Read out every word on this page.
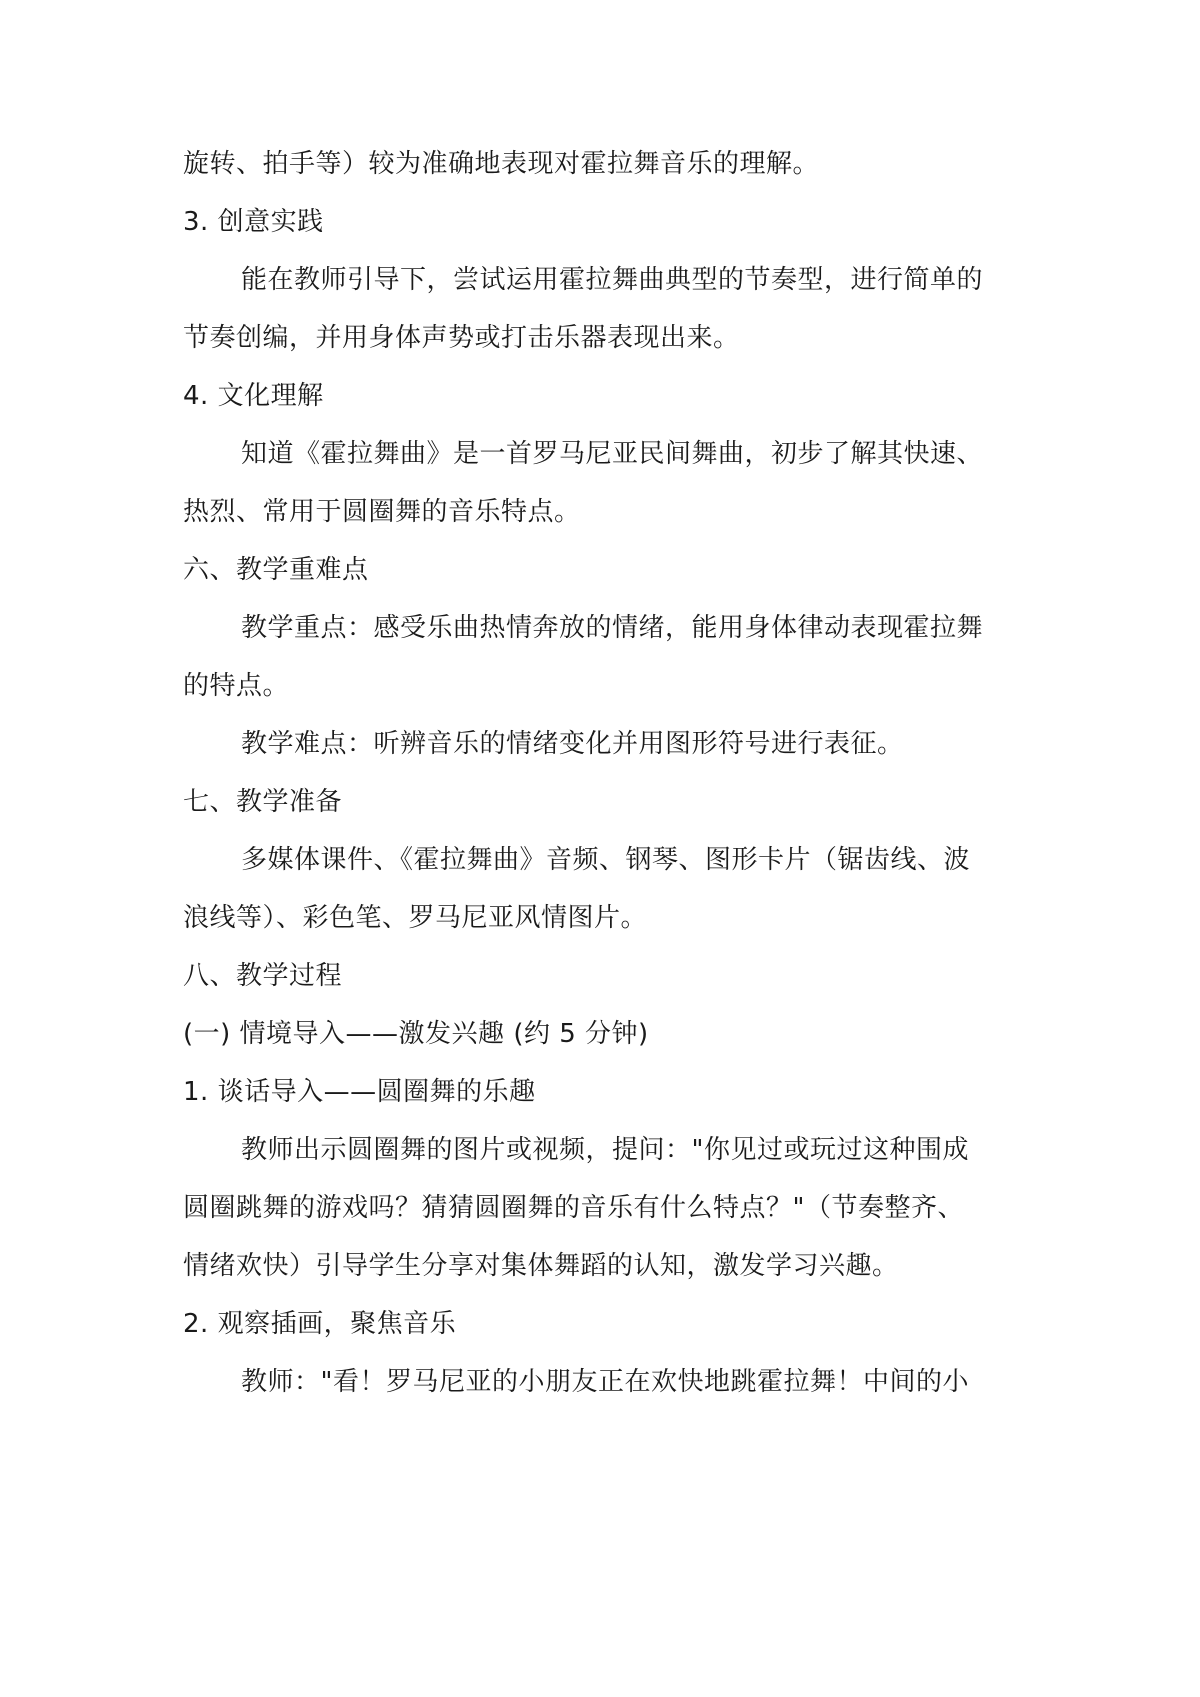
旋转、拍手等）较为准确地表现对霍拉舞音乐的理解。
3. 创意实践
能在教师引导下，尝试运用霍拉舞曲典型的节奏型，进行简单的
节奏创编，并用身体声势或打击乐器表现出来。
4. 文化理解
知道《霍拉舞曲》是一首罗马尼亚民间舞曲，初步了解其快速、
热烈、常用于圆圈舞的音乐特点。
六、教学重难点
教学重点：感受乐曲热情奔放的情绪，能用身体律动表现霍拉舞
的特点。
教学难点：听辨音乐的情绪变化并用图形符号进行表征。
七、教学准备
多媒体课件、《霍拉舞曲》音频、钢琴、图形卡片（锯齿线、波
浪线等）、彩色笔、罗马尼亚风情图片。
八、教学过程
(一) 情境导入——激发兴趣 (约 5 分钟)
1. 谈话导入——圆圈舞的乐趣
教师出示圆圈舞的图片或视频，提问："你见过或玩过这种围成
圆圈跳舞的游戏吗？猜猜圆圈舞的音乐有什么特点？"（节奏整齐、
情绪欢快）引导学生分享对集体舞蹈的认知，激发学习兴趣。
2. 观察插画，聚焦音乐
教师："看！罗马尼亚的小朋友正在欢快地跳霍拉舞！中间的小
